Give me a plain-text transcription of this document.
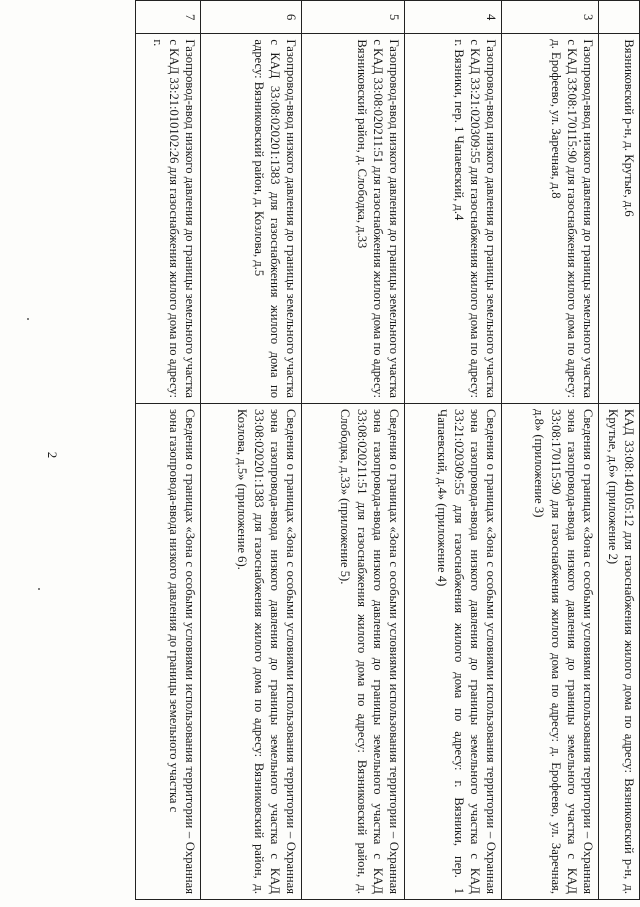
2
	Вязниковский р-н, д. Крутые, д.6	КАД 33:08:140105:12 для газоснабжения жилого дома по адресу: Вязниковский р-н, д. Крутые, д.6» (приложение 2)
3	Газопровод-ввод низкого давления до границы земельного участка с КАД 33:08:170115:90 для газоснабжения жилого дома по адресу: д. Ерофеево, ул. Заречная, д.8	Сведения о границах «Зона с особыми условиями использования территории – Охранная зона газопровода-ввода низкого давления до границы земельного участка с КАД 33:08:170115:90 для газоснабжения жилого дома по адресу: д. Ерофеево, ул. Заречная, д.8» (приложение 3)
4	Газопровод-ввод низкого давления до границы земельного участка с КАД 33:21:020309:55 для газоснабжения жилого дома по адресу: г. Вязники, пер. 1 Чапаевский, д.4	Сведения о границах «Зона с особыми условиями использования территории – Охранная зона газопровода-ввода низкого давления до границы земельного участка с КАД 33:21:020309:55 для газоснабжения жилого дома по адресу: г. Вязники, пер. 1 Чапаевский, д.4» (приложение 4)
5	Газопровод-ввод низкого давления до границы земельного участка с КАД 33:08:020211:51 для газоснабжения жилого дома по адресу: Вязниковский район, д. Слободка, д.33	Сведения о границах «Зона с особыми условиями использования территории – Охранная зона газопровода-ввода низкого давления до границы земельного участка с КАД 33:08:020211:51 для газоснабжения жилого дома по адресу: Вязниковский район, д. Слободка, д.33» (приложение 5).
6	Газопровод-ввод низкого давления до границы земельного участка с КАД 33:08:020201:1383 для газоснабжения жилого дома по адресу: Вязниковский район, д. Козлова, д.5	Сведения о границах «Зона с особыми условиями использования территории – Охранная зона газопровода-ввода низкого давления до границы земельного участка с КАД 33:08:020201:1383 для газоснабжения жилого дома по адресу: Вязниковский район, д. Козлова, д.5» (приложение 6).
7	Газопровод-ввод низкого давления до границы земельного участка с КАД 33:21:010102:26 для газоснабжения жилого дома по адресу: г.	Сведения о границах «Зона с особыми условиями использования территории – Охранная зона газопровода-ввода низкого давления до границы земельного участка с
